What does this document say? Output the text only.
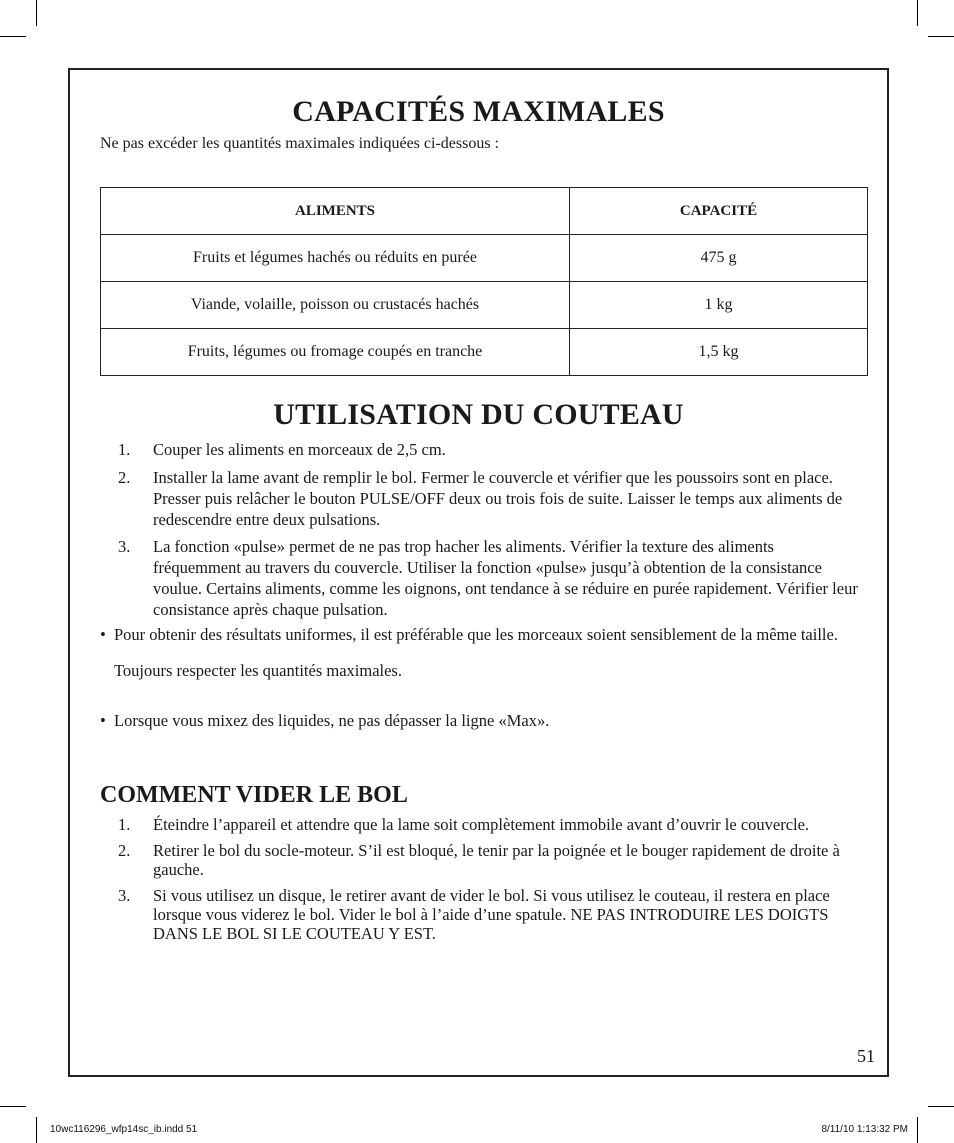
CAPACITÉS MAXIMALES
Ne pas excéder les quantités maximales indiquées ci-dessous :
ALIMENTS	CAPACITÉ
Fruits et légumes hachés ou réduits en purée	475 g
Viande, volaille, poisson ou crustacés hachés	1 kg
Fruits, légumes ou fromage coupés en tranche	1,5 kg
UTILISATION DU COUTEAU

1. Couper les aliments en morceaux de 2,5 cm.

2. Installer la lame avant de remplir le bol. Fermer le couvercle et vérifier que les poussoirs sont en place. Presser puis relâcher le bouton PULSE/OFF deux ou trois fois de suite. Laisser le temps aux aliments de redescendre entre deux pulsations.

3. La fonction «pulse» permet de ne pas trop hacher les aliments. Vérifier la texture des aliments fréquemment au travers du couvercle. Utiliser la fonction «pulse» jusqu’à obtention de la consistance voulue. Certains aliments, comme les oignons, ont tendance à se réduire en purée rapidement. Vérifier leur consistance après chaque pulsation.

• Pour obtenir des résultats uniformes, il est préférable que les morceaux soient sensiblement de la même taille.

Toujours respecter les quantités maximales.

• Lorsque vous mixez des liquides, ne pas dépasser la ligne «Max».

COMMENT VIDER LE BOL

1. Éteindre l’appareil et attendre que la lame soit complètement immobile avant d’ouvrir le couvercle.

2. Retirer le bol du socle-moteur. S’il est bloqué, le tenir par la poignée et le bouger rapidement de droite à gauche.

3. Si vous utilisez un disque, le retirer avant de vider le bol. Si vous utilisez le couteau, il restera en place lorsque vous viderez le bol. Vider le bol à l’aide d’une spatule. NE PAS INTRODUIRE LES DOIGTS DANS LE BOL SI LE COUTEAU Y EST.

51
10wc116296_wfp14sc_ib.indd 51	8/11/10 1:13:32 PM
